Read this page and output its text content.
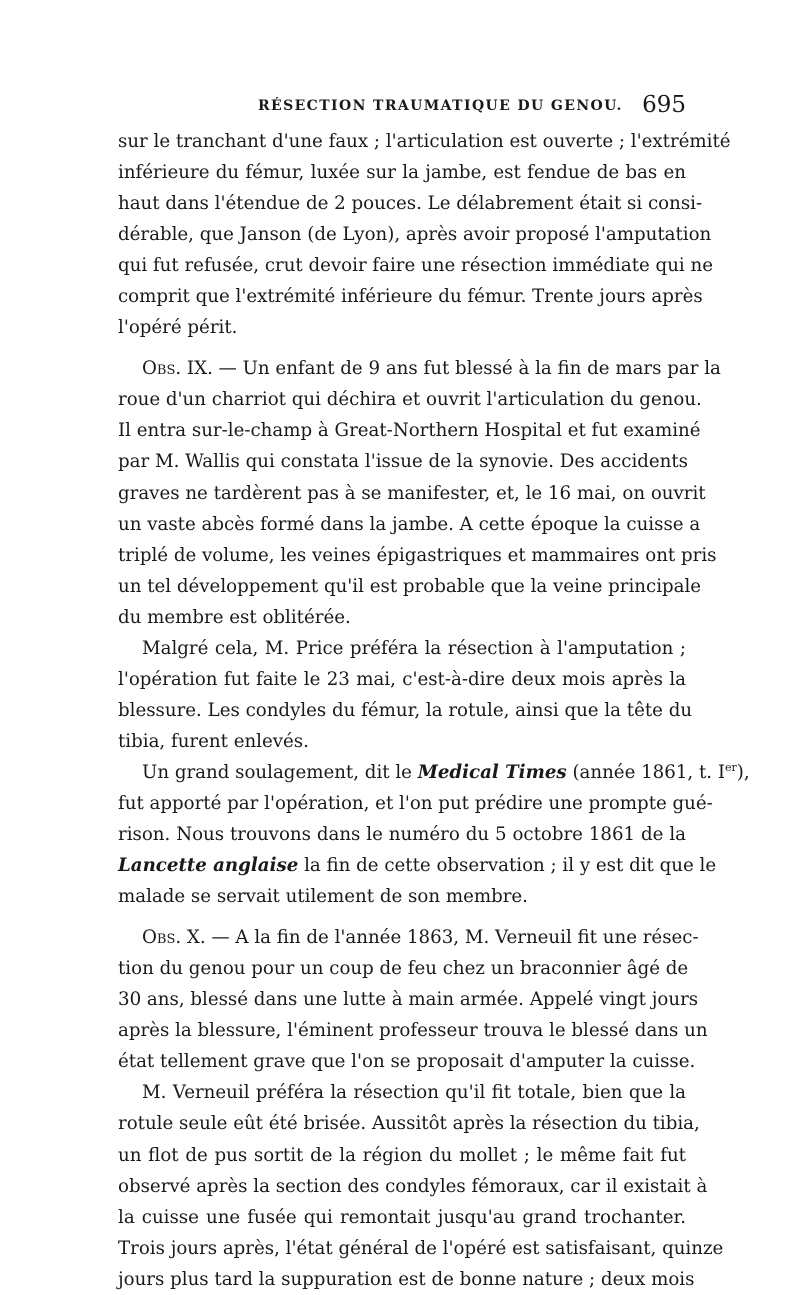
RÉSECTION TRAUMATIQUE DU GENOU. 695

sur le tranchant d'une faux ; l'articulation est ouverte ; l'extrémité
inférieure du fémur, luxée sur la jambe, est fendue de bas en
haut dans l'étendue de 2 pouces. Le délabrement était si consi-
dérable, que Janson (de Lyon), après avoir proposé l'amputation
qui fut refusée, crut devoir faire une résection immédiate qui ne
comprit que l'extrémité inférieure du fémur. Trente jours après
l'opéré périt.

Obs. IX. — Un enfant de 9 ans fut blessé à la fin de mars par la
roue d'un charriot qui déchira et ouvrit l'articulation du genou.
Il entra sur-le-champ à Great-Northern Hospital et fut examiné
par M. Wallis qui constata l'issue de la synovie. Des accidents
graves ne tardèrent pas à se manifester, et, le 16 mai, on ouvrit
un vaste abcès formé dans la jambe. A cette époque la cuisse a
triplé de volume, les veines épigastriques et mammaires ont pris
un tel développement qu'il est probable que la veine principale
du membre est oblitérée.

Malgré cela, M. Price préféra la résection à l'amputation ;
l'opération fut faite le 23 mai, c'est-à-dire deux mois après la
blessure. Les condyles du fémur, la rotule, ainsi que la tête du
tibia, furent enlevés.

Un grand soulagement, dit le Medical Times (année 1861, t. Ier),
fut apporté par l'opération, et l'on put prédire une prompte gué-
rison. Nous trouvons dans le numéro du 5 octobre 1861 de la
Lancette anglaise la fin de cette observation ; il y est dit que le
malade se servait utilement de son membre.

Obs. X. — A la fin de l'année 1863, M. Verneuil fit une résec-
tion du genou pour un coup de feu chez un braconnier âgé de
30 ans, blessé dans une lutte à main armée. Appelé vingt jours
après la blessure, l'éminent professeur trouva le blessé dans un
état tellement grave que l'on se proposait d'amputer la cuisse.

M. Verneuil préféra la résection qu'il fit totale, bien que la
rotule seule eût été brisée. Aussitôt après la résection du tibia,
un flot de pus sortit de la région du mollet ; le même fait fut
observé après la section des condyles fémoraux, car il existait à
la cuisse une fusée qui remontait jusqu'au grand trochanter.
Trois jours après, l'état général de l'opéré est satisfaisant, quinze
jours plus tard la suppuration est de bonne nature ; deux mois
